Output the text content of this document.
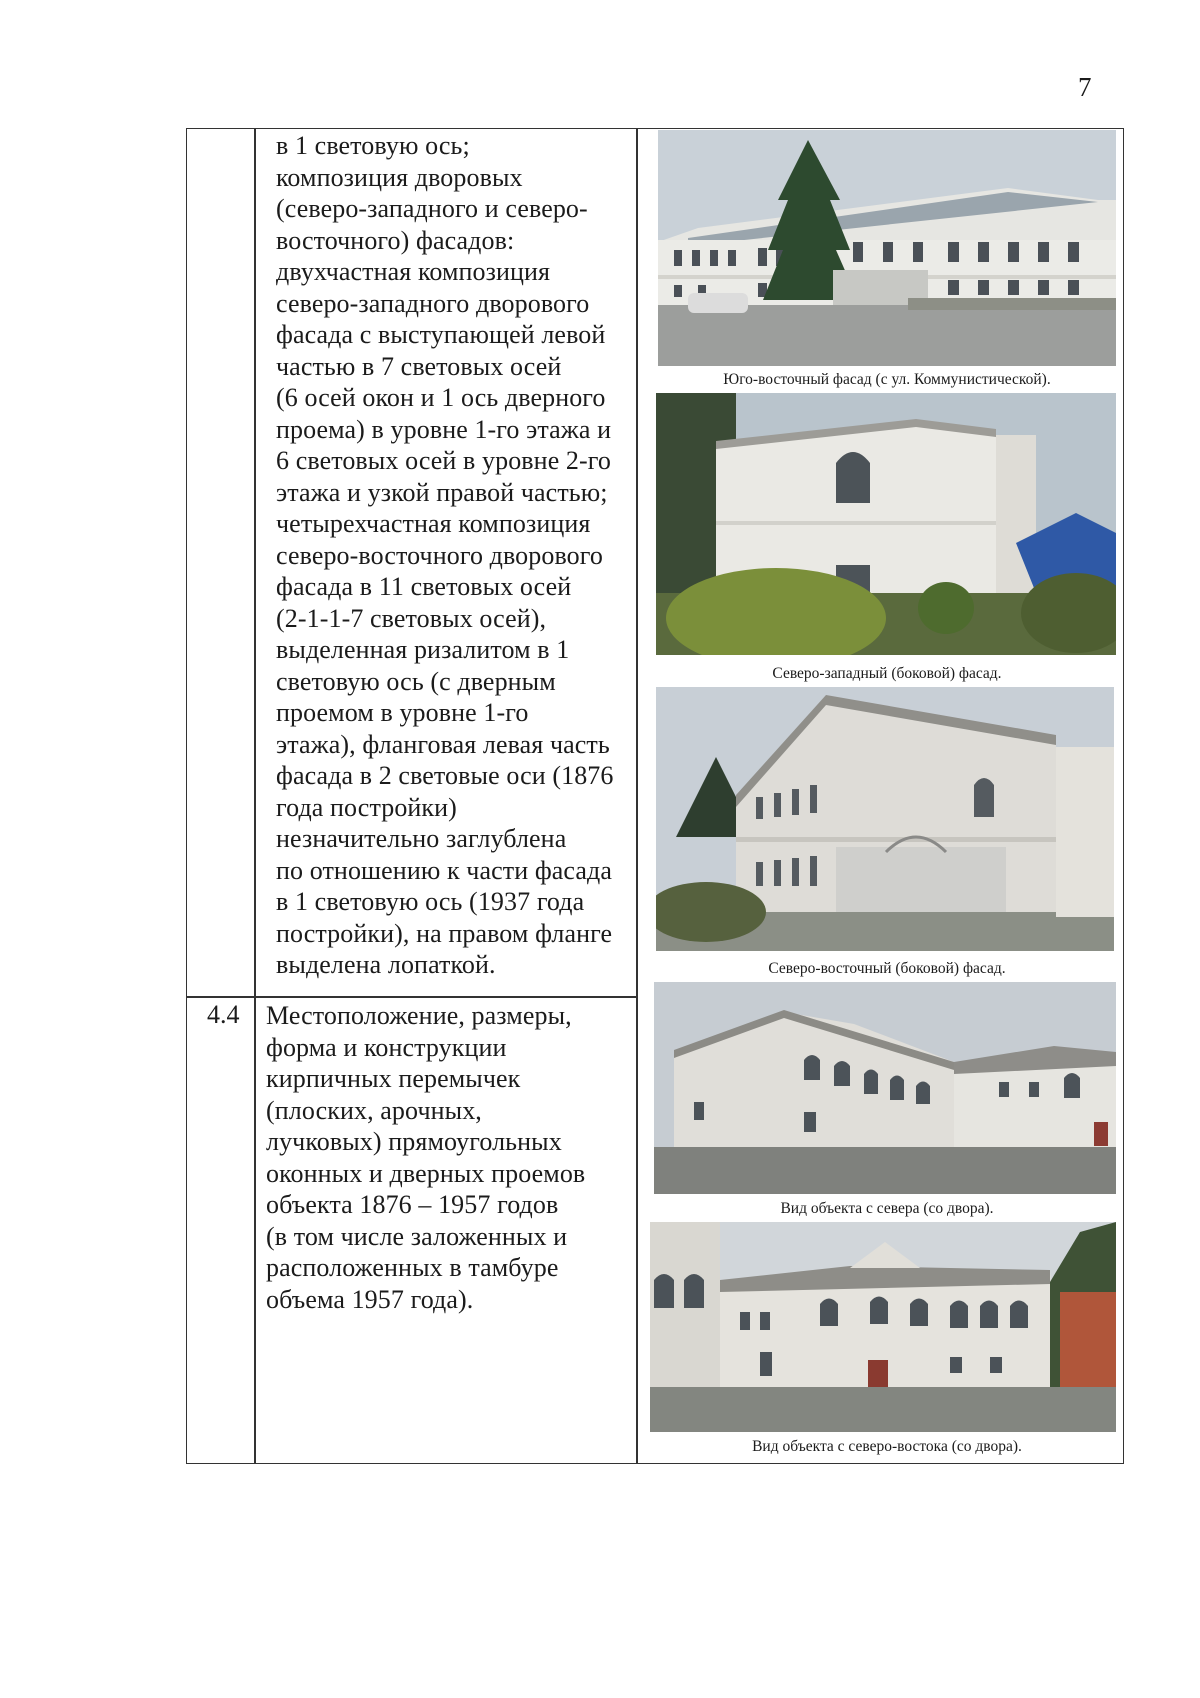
7

в 1 световую ось;
композиция дворовых
(северо-западного и северо-
восточного) фасадов:
двухчастная композиция
северо-западного дворового
фасада с выступающей левой
частью в 7 световых осей
(6 осей окон и 1 ось дверного
проема) в уровне 1-го этажа и
6 световых осей в уровне 2-го
этажа и узкой правой частью;
четырехчастная композиция
северо-восточного дворового
фасада в 11 световых осей
(2-1-1-7 световых осей),
выделенная ризалитом в 1
световую ось (с дверным
проемом в уровне 1-го
этажа), фланговая левая часть
фасада в 2 световые оси (1876
года постройки)
незначительно заглублена
по отношению к части фасада
в 1 световую ось (1937 года
постройки), на правом фланге
выделена лопаткой.

4.4 Местоположение, размеры,
форма и конструкции
кирпичных перемычек
(плоских, арочных,
лучковых) прямоугольных
оконных и дверных проемов
объекта 1876 – 1957 годов
(в том числе заложенных и
расположенных в тамбуре
объема 1957 года).

Юго-восточный фасад (с ул. Коммунистической).
Северо-западный (боковой) фасад.
Северо-восточный (боковой) фасад.
Вид объекта с севера (со двора).
Вид объекта с северо-востока (со двора).
